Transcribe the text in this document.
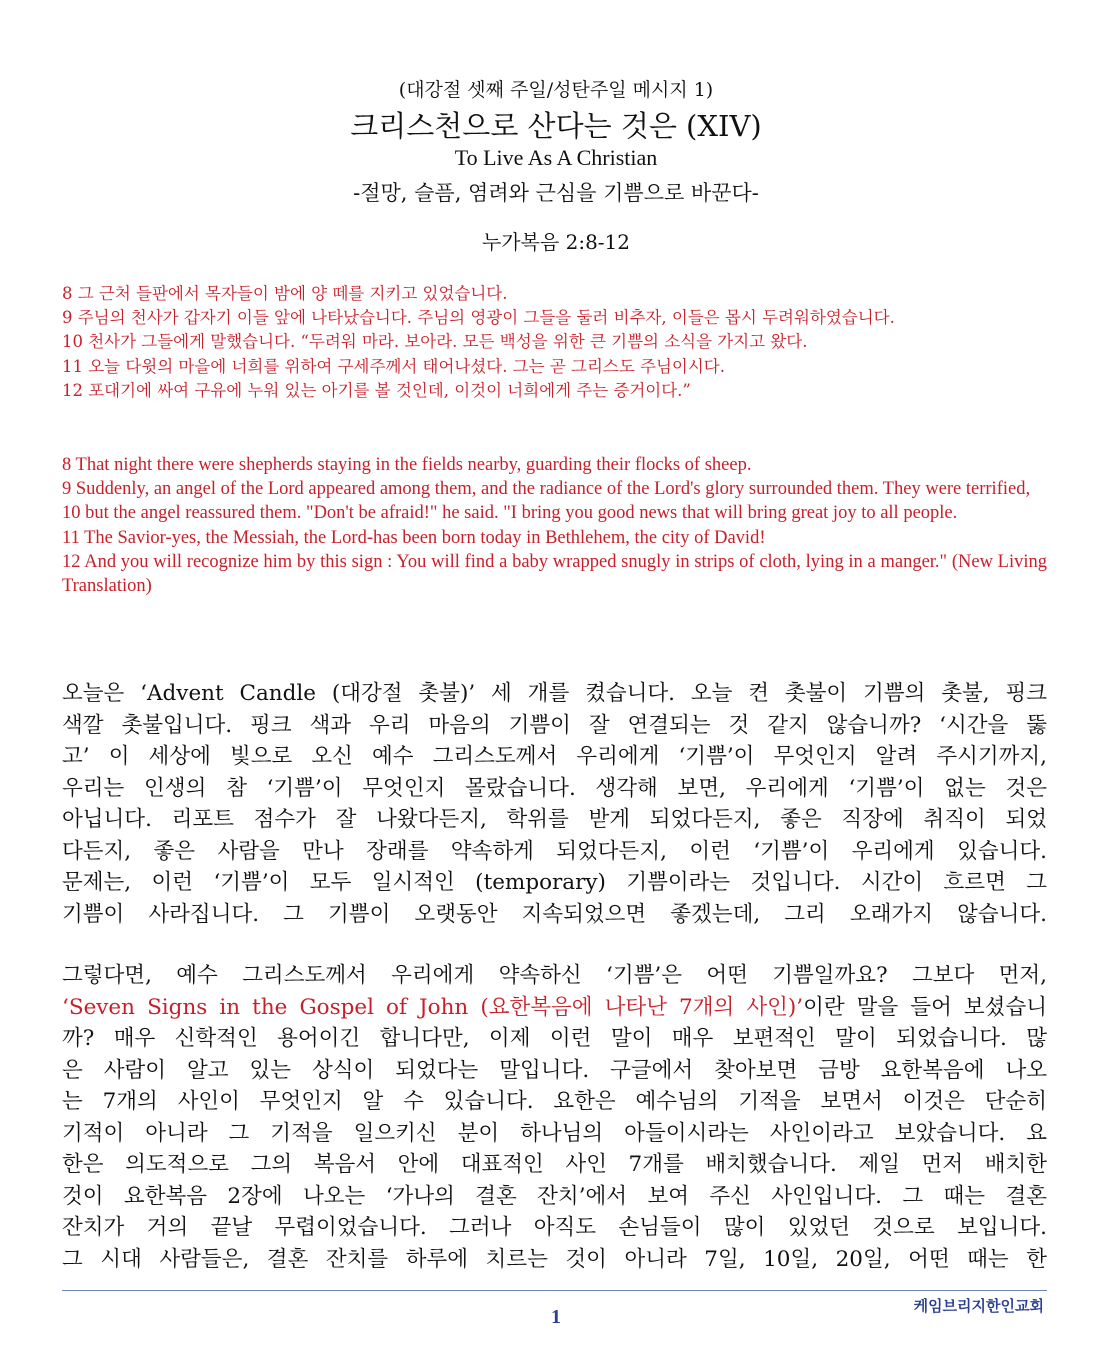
(대강절 셋째 주일/성탄주일 메시지 1)
크리스천으로 산다는 것은 (XIV)
To Live As A Christian
-절망, 슬픔, 염려와 근심을 기쁨으로 바꾼다-
누가복음 2:8-12

8 그 근처 들판에서 목자들이 밤에 양 떼를 지키고 있었습니다.

9 주님의 천사가 갑자기 이들 앞에 나타났습니다. 주님의 영광이 그들을 둘러 비추자, 이들은 몹시 두려워하였습니다.

10 천사가 그들에게 말했습니다. “두려워 마라. 보아라. 모든 백성을 위한 큰 기쁨의 소식을 가지고 왔다.

11 오늘 다윗의 마을에 너희를 위하여 구세주께서 태어나셨다. 그는 곧 그리스도 주님이시다.

12 포대기에 싸여 구유에 누워 있는 아기를 볼 것인데, 이것이 너희에게 주는 증거이다.”

8 That night there were shepherds staying in the fields nearby, guarding their flocks of sheep.

9 Suddenly, an angel of the Lord appeared among them, and the radiance of the Lord's glory surrounded them. They were terrified,

10 but the angel reassured them. "Don't be afraid!" he said. "I bring you good news that will bring great joy to all people.

11 The Savior-yes, the Messiah, the Lord-has been born today in Bethlehem, the city of David!

12 And you will recognize him by this sign : You will find a baby wrapped snugly in strips of cloth, lying in a manger." (New Living Translation)

오늘은 ‘Advent Candle (대강절 촛불)’ 세 개를 켰습니다. 오늘 켠 촛불이 기쁨의 촛불, 핑크
색깔 촛불입니다. 핑크 색과 우리 마음의 기쁨이 잘 연결되는 것 같지 않습니까? ‘시간을 뚫
고’ 이 세상에 빛으로 오신 예수 그리스도께서 우리에게 ‘기쁨’이 무엇인지 알려 주시기까지,
우리는 인생의 참 ‘기쁨’이 무엇인지 몰랐습니다. 생각해 보면, 우리에게 ‘기쁨’이 없는 것은
아닙니다. 리포트 점수가 잘 나왔다든지, 학위를 받게 되었다든지, 좋은 직장에 취직이 되었
다든지, 좋은 사람을 만나 장래를 약속하게 되었다든지, 이런 ‘기쁨’이 우리에게 있습니다.
문제는, 이런 ‘기쁨’이 모두 일시적인 (temporary) 기쁨이라는 것입니다. 시간이 흐르면 그
기쁨이 사라집니다. 그 기쁨이 오랫동안 지속되었으면 좋겠는데, 그리 오래가지 않습니다.
그렇다면, 예수 그리스도께서 우리에게 약속하신 ‘기쁨’은 어떤 기쁨일까요? 그보다 먼저,
‘Seven Signs in the Gospel of John (요한복음에 나타난 7개의 사인)’이란 말을 들어 보셨습니
까? 매우 신학적인 용어이긴 합니다만, 이제 이런 말이 매우 보편적인 말이 되었습니다. 많
은 사람이 알고 있는 상식이 되었다는 말입니다. 구글에서 찾아보면 금방 요한복음에 나오
는 7개의 사인이 무엇인지 알 수 있습니다. 요한은 예수님의 기적을 보면서 이것은 단순히
기적이 아니라 그 기적을 일으키신 분이 하나님의 아들이시라는 사인이라고 보았습니다. 요
한은 의도적으로 그의 복음서 안에 대표적인 사인 7개를 배치했습니다. 제일 먼저 배치한
것이 요한복음 2장에 나오는 ‘가나의 결혼 잔치’에서 보여 주신 사인입니다. 그 때는 결혼
잔치가 거의 끝날 무렵이었습니다. 그러나 아직도 손님들이 많이 있었던 것으로 보입니다.
그 시대 사람들은, 결혼 잔치를 하루에 치르는 것이 아니라 7일, 10일, 20일, 어떤 때는 한
케임브리지한인교회
1
